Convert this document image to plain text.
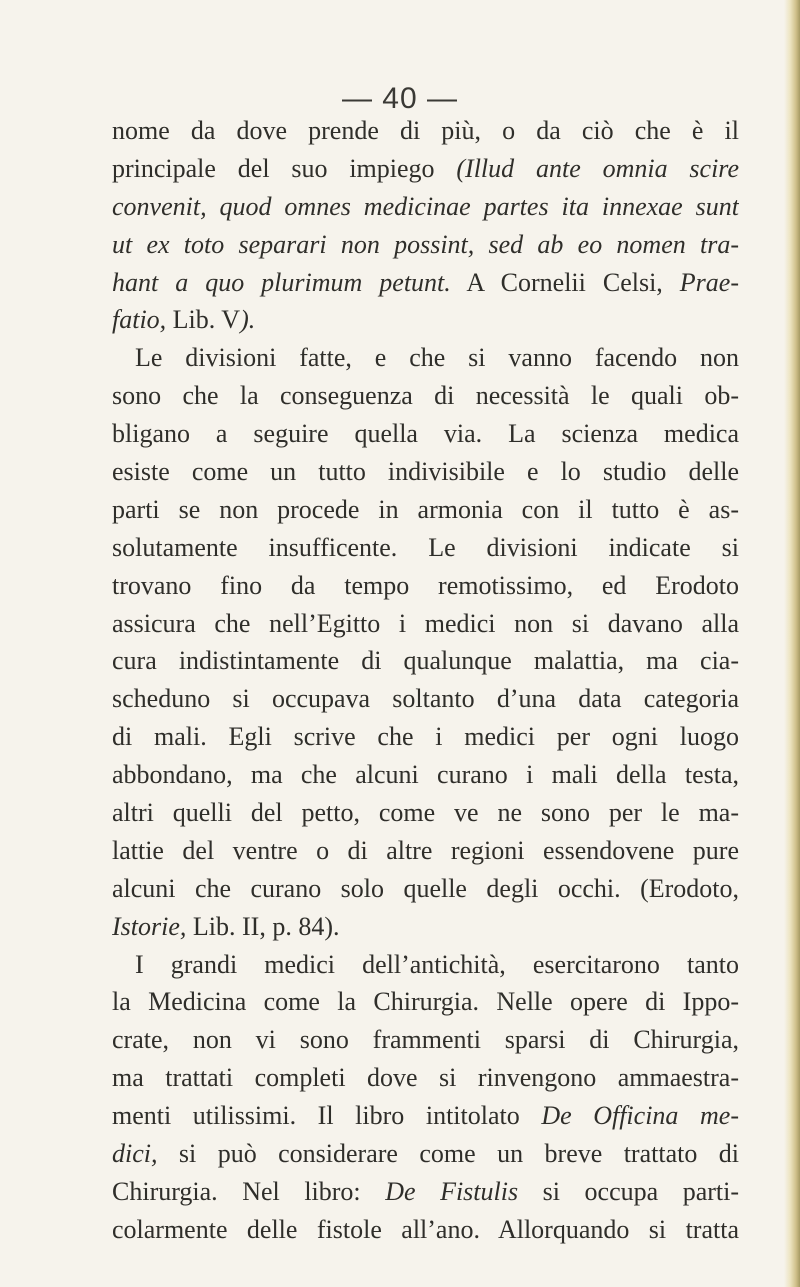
— 40 —
nome da dove prende di più, o da ciò che è il
principale del suo impiego (Illud ante omnia scire
convenit, quod omnes medicinae partes ita innexae sunt
ut ex toto separari non possint, sed ab eo nomen tra-
hant a quo plurimum petunt. A Cornelii Celsi, Prae-
fatio, Lib. V).
Le divisioni fatte, e che si vanno facendo non
sono che la conseguenza di necessità le quali ob-
bligano a seguire quella via. La scienza medica
esiste come un tutto indivisibile e lo studio delle
parti se non procede in armonia con il tutto è as-
solutamente insufficente. Le divisioni indicate si
trovano fino da tempo remotissimo, ed Erodoto
assicura che nell’Egitto i medici non si davano alla
cura indistintamente di qualunque malattia, ma cia-
scheduno si occupava soltanto d’una data categoria
di mali. Egli scrive che i medici per ogni luogo
abbondano, ma che alcuni curano i mali della testa,
altri quelli del petto, come ve ne sono per le ma-
lattie del ventre o di altre regioni essendovene pure
alcuni che curano solo quelle degli occhi. (Erodoto,
Istorie, Lib. II, p. 84).
I grandi medici dell’antichità, esercitarono tanto
la Medicina come la Chirurgia. Nelle opere di Ippo-
crate, non vi sono frammenti sparsi di Chirurgia,
ma trattati completi dove si rinvengono ammaestra-
menti utilissimi. Il libro intitolato De Officina me-
dici, si può considerare come un breve trattato di
Chirurgia. Nel libro: De Fistulis si occupa parti-
colarmente delle fistole all’ano. Allorquando si tratta
